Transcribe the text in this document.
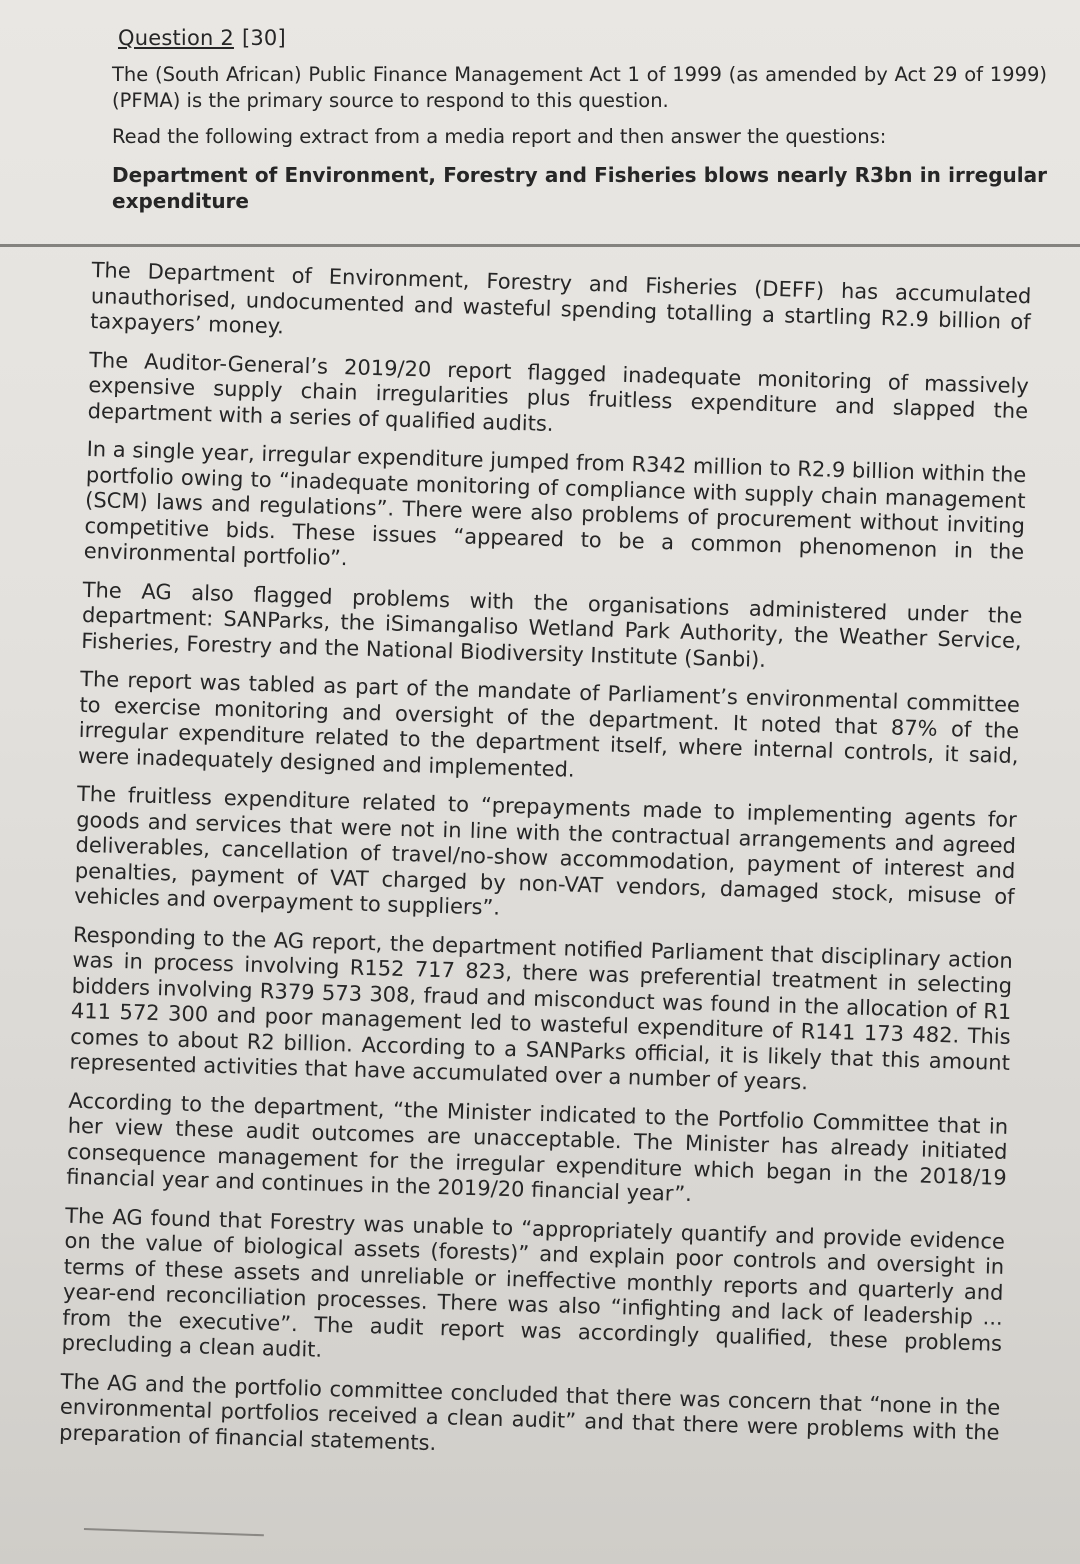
Question 2 [30]

The (South African) Public Finance Management Act 1 of 1999 (as amended by Act 29 of 1999) (PFMA) is the primary source to respond to this question.

Read the following extract from a media report and then answer the questions:

Department of Environment, Forestry and Fisheries blows nearly R3bn in irregular expenditure

The Department of Environment, Forestry and Fisheries (DEFF) has accumulated unauthorised, undocumented and wasteful spending totalling a startling R2.9 billion of taxpayers’ money.

The Auditor-General’s 2019/20 report flagged inadequate monitoring of massively expensive supply chain irregularities plus fruitless expenditure and slapped the department with a series of qualified audits.

In a single year, irregular expenditure jumped from R342 million to R2.9 billion within the portfolio owing to “inadequate monitoring of compliance with supply chain management (SCM) laws and regulations”. There were also problems of procurement without inviting competitive bids. These issues “appeared to be a common phenomenon in the environmental portfolio”.

The AG also flagged problems with the organisations administered under the department: SANParks, the iSimangaliso Wetland Park Authority, the Weather Service, Fisheries, Forestry and the National Biodiversity Institute (Sanbi).

The report was tabled as part of the mandate of Parliament’s environmental committee to exercise monitoring and oversight of the department. It noted that 87% of the irregular expenditure related to the department itself, where internal controls, it said, were inadequately designed and implemented.

The fruitless expenditure related to “prepayments made to implementing agents for goods and services that were not in line with the contractual arrangements and agreed deliverables, cancellation of travel/no-show accommodation, payment of interest and penalties, payment of VAT charged by non-VAT vendors, damaged stock, misuse of vehicles and overpayment to suppliers”.

Responding to the AG report, the department notified Parliament that disciplinary action was in process involving R152 717 823, there was preferential treatment in selecting bidders involving R379 573 308, fraud and misconduct was found in the allocation of R1 411 572 300 and poor management led to wasteful expenditure of R141 173 482. This comes to about R2 billion. According to a SANParks official, it is likely that this amount represented activities that have accumulated over a number of years.

According to the department, “the Minister indicated to the Portfolio Committee that in her view these audit outcomes are unacceptable. The Minister has already initiated consequence management for the irregular expenditure which began in the 2018/19 financial year and continues in the 2019/20 financial year”.

The AG found that Forestry was unable to “appropriately quantify and provide evidence on the value of biological assets (forests)” and explain poor controls and oversight in terms of these assets and unreliable or ineffective monthly reports and quarterly and year-end reconciliation processes. There was also “infighting and lack of leadership ... from the executive”. The audit report was accordingly qualified, these problems precluding a clean audit.

The AG and the portfolio committee concluded that there was concern that “none in the environmental portfolios received a clean audit” and that there were problems with the preparation of financial statements.
